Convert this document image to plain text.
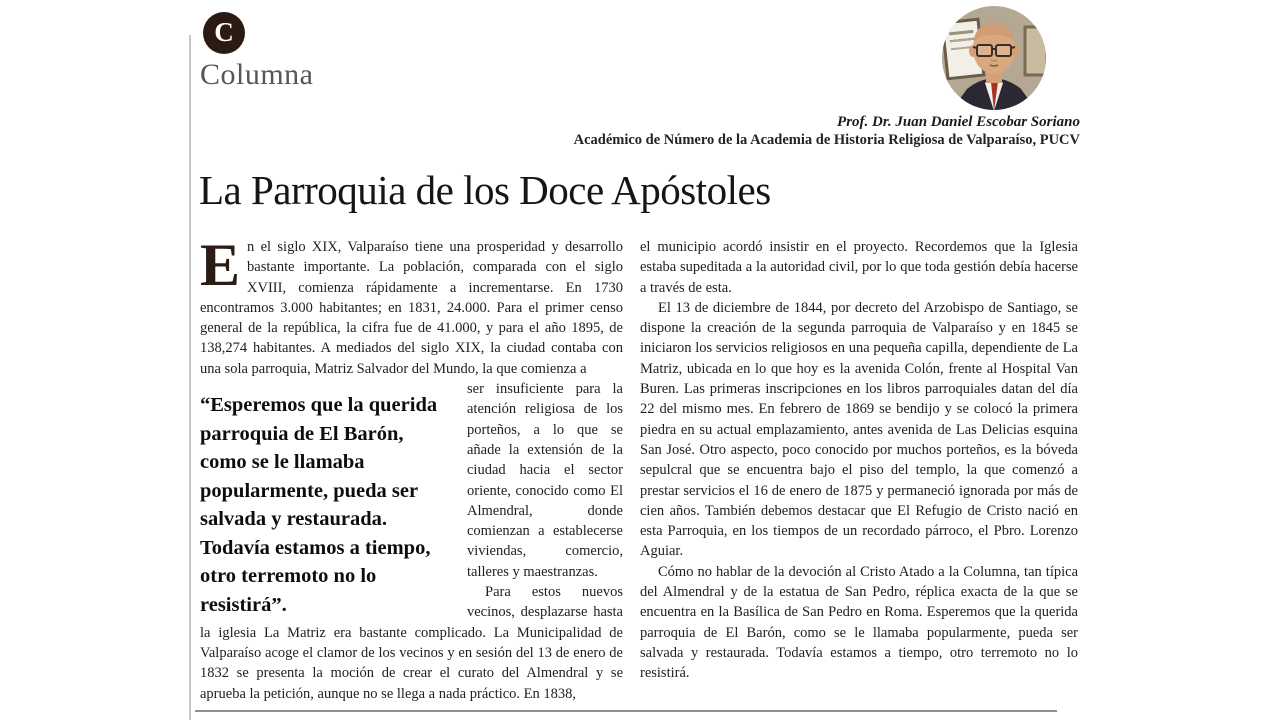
C
Columna
Prof. Dr. Juan Daniel Escobar Soriano
Académico de Número de la Academia de Historia Religiosa de Valparaíso, PUCV
La Parroquia de los Doce Apóstoles

En el siglo XIX, Valparaíso tiene una prosperidad y desarrollo bastante importante. La población, comparada con el siglo XVIII, comienza rápidamente a incrementarse. En 1730 encontramos 3.000 habitantes; en 1831, 24.000. Para el primer censo general de la república, la cifra fue de 41.000, y para el año 1895, de 138,274 habitantes. A mediados del siglo XIX, la ciudad contaba con una sola parroquia, Matriz Salvador del Mundo, la que comienza a

“Esperemos que la querida parroquia de El Barón, como se le llamaba popularmente, pueda ser salvada y restaurada. Todavía estamos a tiempo, otro terremoto no lo resistirá”.

ser insuficiente para la atención religiosa de los porteños, a lo que se añade la extensión de la ciudad hacia el sector oriente, conocido como El Almendral, donde comienzan a establecerse viviendas, comercio, talleres y maestranzas.

Para estos nuevos vecinos, desplazarse hasta la iglesia La Matriz era bastante complicado. La Municipalidad de Valparaíso acoge el clamor de los vecinos y en sesión del 13 de enero de 1832 se presenta la moción de crear el curato del Almendral y se aprueba la petición, aunque no se llega a nada práctico. En 1838,

el municipio acordó insistir en el proyecto. Recordemos que la Iglesia estaba supeditada a la autoridad civil, por lo que toda gestión debía hacerse a través de esta.

El 13 de diciembre de 1844, por decreto del Arzobispo de Santiago, se dispone la creación de la segunda parroquia de Valparaíso y en 1845 se iniciaron los servicios religiosos en una pequeña capilla, dependiente de La Matriz, ubicada en lo que hoy es la avenida Colón, frente al Hospital Van Buren. Las primeras inscripciones en los libros parroquiales datan del día 22 del mismo mes. En febrero de 1869 se bendijo y se colocó la primera piedra en su actual emplazamiento, antes avenida de Las Delicias esquina San José. Otro aspecto, poco conocido por muchos porteños, es la bóveda sepulcral que se encuentra bajo el piso del templo, la que comenzó a prestar servicios el 16 de enero de 1875 y permaneció ignorada por más de cien años. También debemos destacar que El Refugio de Cristo nació en esta Parroquia, en los tiempos de un recordado párroco, el Pbro. Lorenzo Aguiar.

Cómo no hablar de la devoción al Cristo Atado a la Columna, tan típica del Almendral y de la estatua de San Pedro, réplica exacta de la que se encuentra en la Basílica de San Pedro en Roma. Esperemos que la querida parroquia de El Barón, como se le llamaba popularmente, pueda ser salvada y restaurada. Todavía estamos a tiempo, otro terremoto no lo resistirá.
